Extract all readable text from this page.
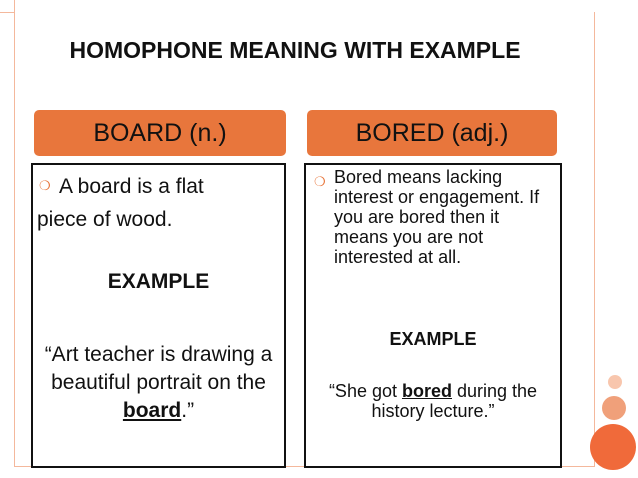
HOMOPHONE MEANING WITH EXAMPLE
BOARD (n.)	BORED (adj.)
❍ A board is a flat
piece of wood.
EXAMPLE
“Art teacher is drawing a beautiful portrait on the board.”
❍ Bored means lacking interest or engagement. If you are bored then it means you are not interested at all.
EXAMPLE
“She got bored during the history lecture.”
